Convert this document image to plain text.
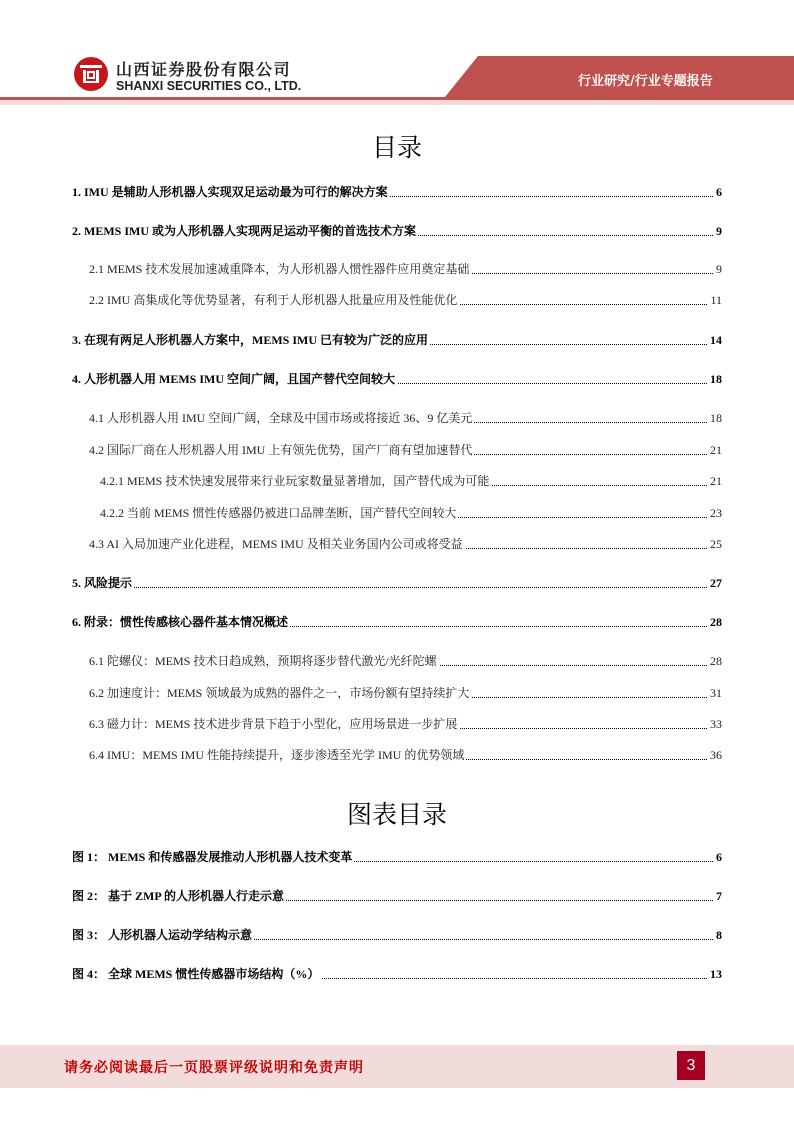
山西证券股份有限公司
SHANXI SECURITIES CO., LTD.	行业研究/行业专题报告
目录
1. IMU 是辅助人形机器人实现双足运动最为可行的解决方案	6
2. MEMS IMU 或为人形机器人实现两足运动平衡的首选技术方案	9
2.1 MEMS 技术发展加速减重降本，为人形机器人惯性器件应用奠定基础	9
2.2 IMU 高集成化等优势显著，有利于人形机器人批量应用及性能优化	11
3. 在现有两足人形机器人方案中，MEMS IMU 已有较为广泛的应用	14
4. 人形机器人用 MEMS IMU 空间广阔，且国产替代空间较大	18
4.1 人形机器人用 IMU 空间广阔，全球及中国市场或将接近 36、9 亿美元	18
4.2 国际厂商在人形机器人用 IMU 上有领先优势，国产厂商有望加速替代	21
4.2.1 MEMS 技术快速发展带来行业玩家数量显著增加，国产替代成为可能	21
4.2.2 当前 MEMS 惯性传感器仍被进口品牌垄断，国产替代空间较大	23
4.3 AI 入局加速产业化进程，MEMS IMU 及相关业务国内公司或将受益	25
5. 风险提示	27
6. 附录：惯性传感核心器件基本情况概述	28
6.1 陀螺仪：MEMS 技术日趋成熟，预期将逐步替代激光/光纤陀螺	28
6.2 加速度计：MEMS 领域最为成熟的器件之一，市场份额有望持续扩大	31
6.3 磁力计：MEMS 技术进步背景下趋于小型化，应用场景进一步扩展	33
6.4 IMU：MEMS IMU 性能持续提升，逐步渗透至光学 IMU 的优势领域	36
图表目录
图 1： MEMS 和传感器发展推动人形机器人技术变革	6
图 2： 基于 ZMP 的人形机器人行走示意	7
图 3： 人形机器人运动学结构示意	8
图 4： 全球 MEMS 惯性传感器市场结构（%）	13
请务必阅读最后一页股票评级说明和免责声明	3
